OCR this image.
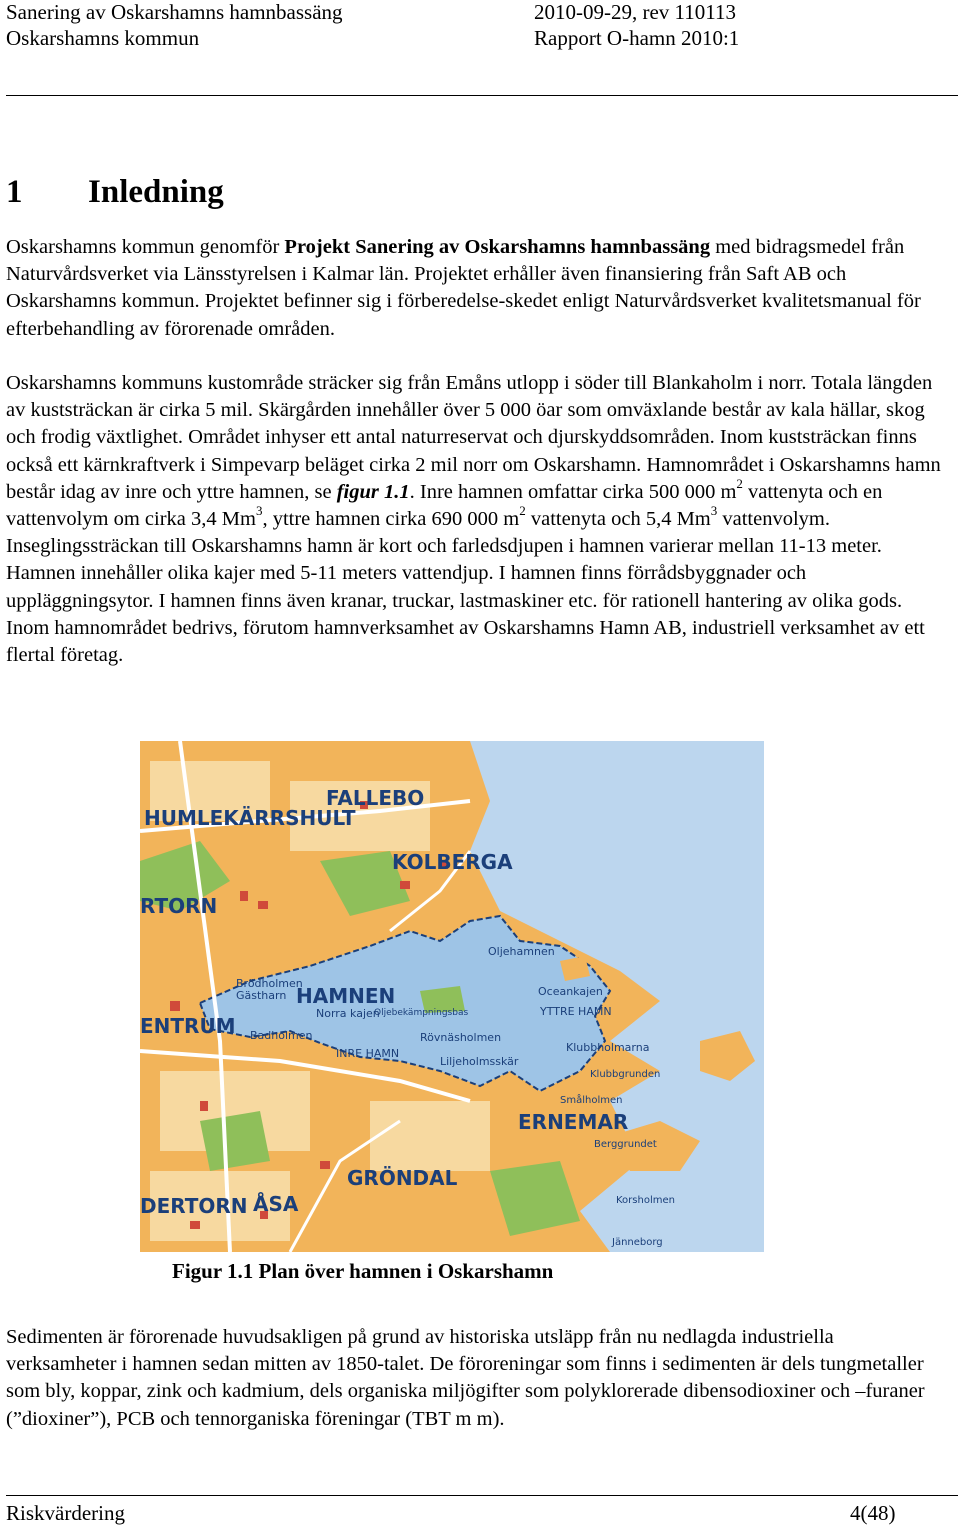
Sanering av Oskarshamns hamnbassäng	2010-09-29, rev 110113
Oskarshamns kommun	Rapport O-hamn 2010:1
1 Inledning

Oskarshamns kommun genomför Projekt Sanering av Oskarshamns hamnbassäng med bidragsmedel från Naturvårdsverket via Länsstyrelsen i Kalmar län. Projektet erhåller även finansiering från Saft AB och Oskarshamns kommun. Projektet befinner sig i förberedelse-skedet enligt Naturvårdsverket kvalitetsmanual för efterbehandling av förorenade områden.

Oskarshamns kommuns kustområde sträcker sig från Emåns utlopp i söder till Blankaholm i norr. Totala längden av kuststräckan är cirka 5 mil. Skärgården innehåller över 5 000 öar som omväxlande består av kala hällar, skog och frodig växtlighet. Området inhyser ett antal naturreservat och djurskyddsområden. Inom kuststräckan finns också ett kärnkraftverk i Simpevarp beläget cirka 2 mil norr om Oskarshamn. Hamnområdet i Oskarshamns hamn består idag av inre och yttre hamnen, se figur 1.1. Inre hamnen omfattar cirka 500 000 $m^2$ vattenyta och en vattenvolym om cirka 3,4 Mm$^3$, yttre hamnen cirka 690 000 $m^2$ vattenyta och 5,4 Mm$^3$ vattenvolym. Inseglingssträckan till Oskarshamns hamn är kort och farledsdjupen i hamnen varierar mellan 11-13 meter. Hamnen innehåller olika kajer med 5-11 meters vattendjup. I hamnen finns förrådsbyggnader och uppläggningsytor. I hamnen finns även kranar, truckar, lastmaskiner etc. för rationell hantering av olika gods. Inom hamnområdet bedrivs, förutom hamnverksamhet av Oskarshamns Hamn AB, industriell verksamhet av ett flertal företag.

FALLEBO
HUMLEKÄRRSHULT
KOLBERGA
RTORN
HAMNEN
ENTRUM
ERNEMAR
ÅSA
GRÖNDAL
DERTORN
Oljehamnen
Brödholmen
Gästharn	Oceankajen
Norra kajen
Oljebekämpningsbas
Rövnäsholmen
YTTRE HAMN
Badholmen
INRE HAMN
Liljeholmsskär
Klubbholmarna
Klubbgrunden
Smålholmen
Berggrundet
Korsholmen
Jänneborg

Figur 1.1 Plan över hamnen i Oskarshamn

Sedimenten är förorenade huvudsakligen på grund av historiska utsläpp från nu nedlagda industriella verksamheter i hamnen sedan mitten av 1850-talet. De föroreningar som finns i sedimenten är dels tungmetaller som bly, koppar, zink och kadmium, dels organiska miljögifter som polyklorerade dibensodioxiner och –furaner (”dioxiner”), PCB och tennorganiska föreningar (TBT m m).

Riskvärdering	4(48)
